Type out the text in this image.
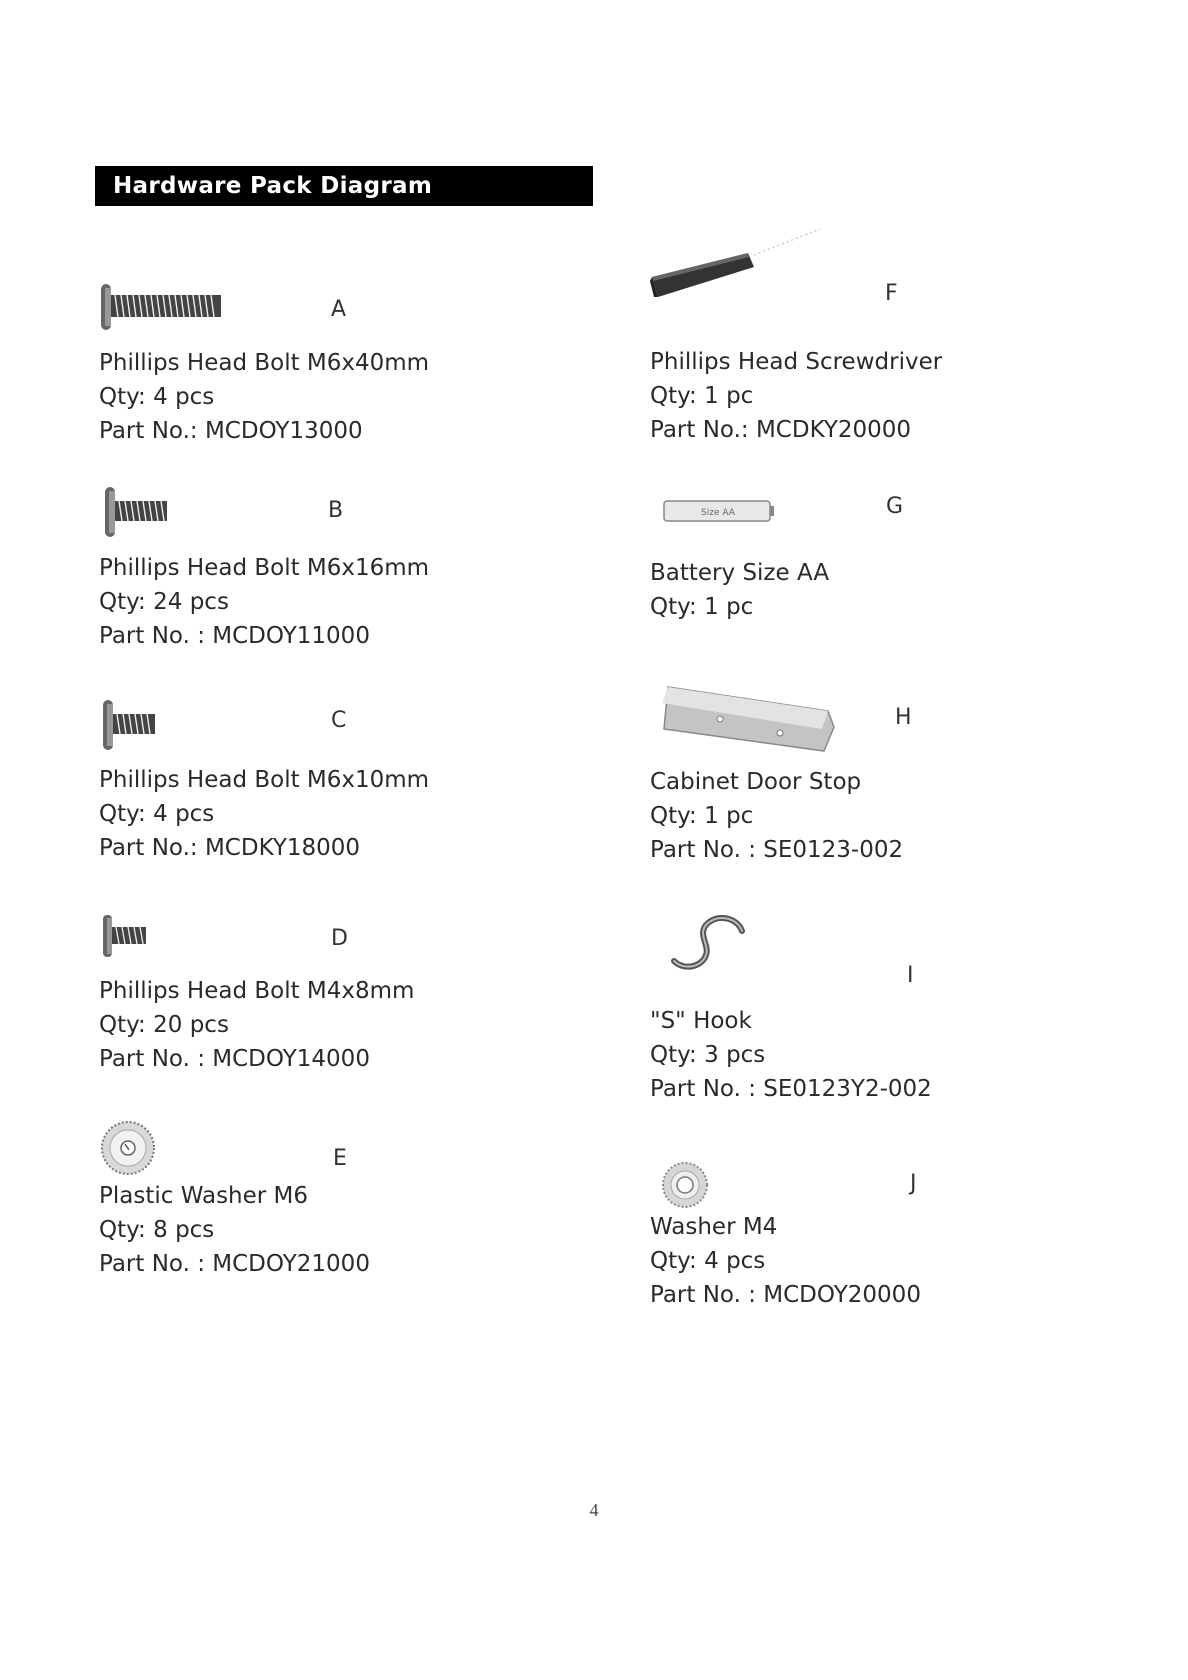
Hardware Pack Diagram
A
Phillips Head Bolt M6x40mm
Qty: 4 pcs
Part No.: MCDOY13000
B
Phillips Head Bolt M6x16mm
Qty: 24 pcs
Part No. : MCDOY11000
C
Phillips Head Bolt M6x10mm
Qty: 4 pcs
Part No.: MCDKY18000
D
Phillips Head Bolt M4x8mm
Qty: 20 pcs
Part No. : MCDOY14000
E
Plastic Washer M6
Qty: 8 pcs
Part No. : MCDOY21000
F
Phillips Head Screwdriver
Qty: 1 pc
Part No.: MCDKY20000
Size AA	G
Battery Size AA
Qty: 1 pc
H
Cabinet Door Stop
Qty: 1 pc
Part No. : SE0123-002
I
"S" Hook
Qty: 3 pcs
Part No. : SE0123Y2-002
J
Washer M4
Qty: 4 pcs
Part No. : MCDOY20000
4
